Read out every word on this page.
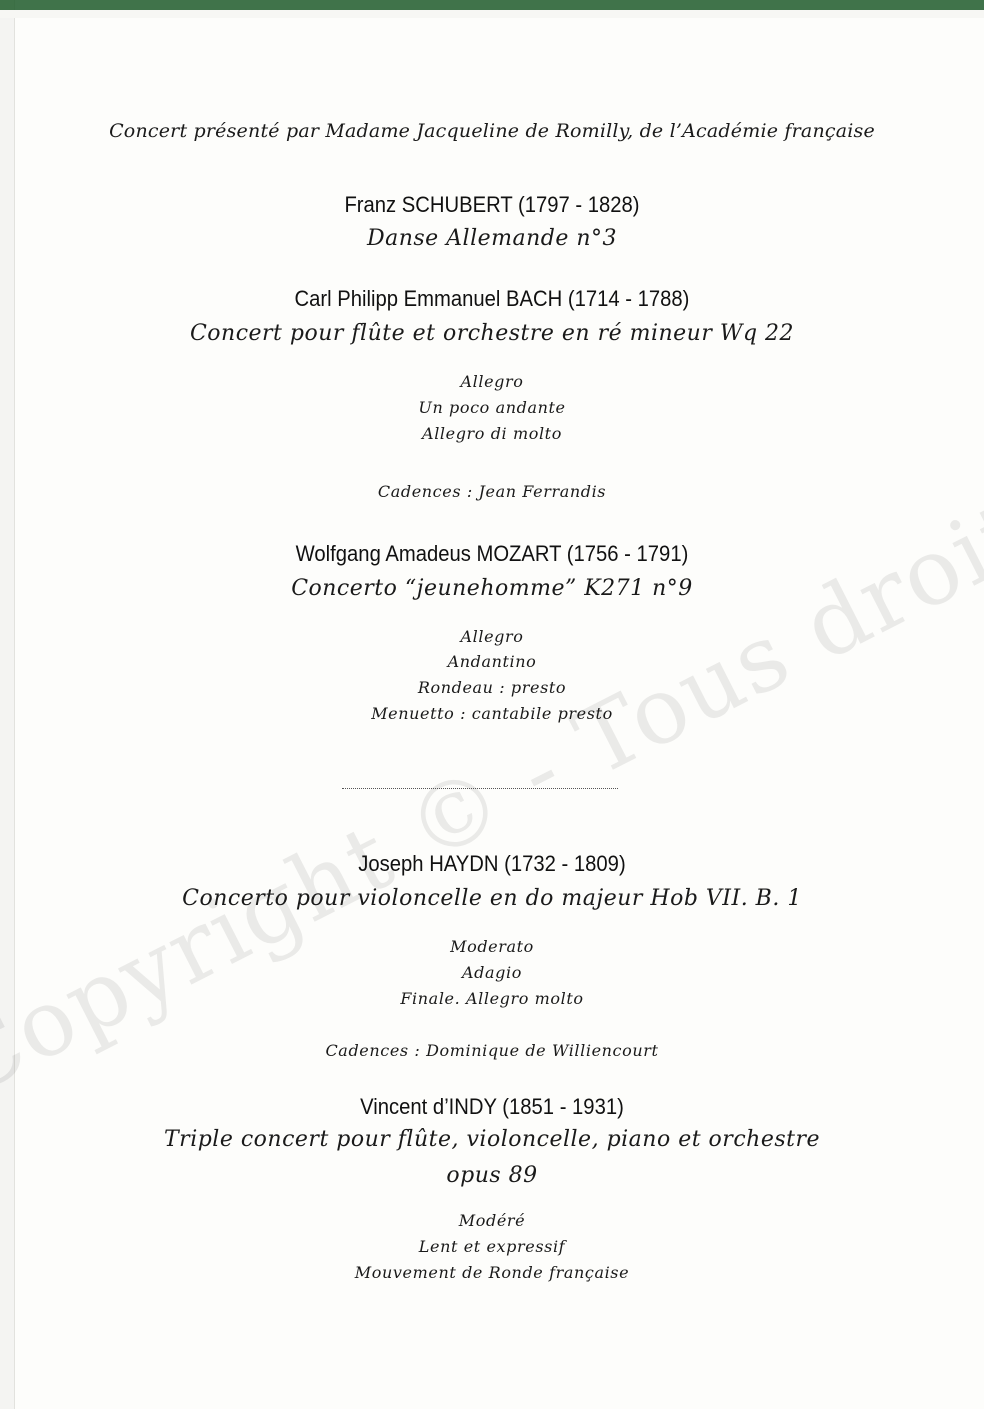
Copyright © - Tous
Concert présenté par Madame Jacqueline de Romilly, de l’Académie française
Franz SCHUBERT (1797 - 1828)
Danse Allemande n°3
Carl Philipp Emmanuel BACH (1714 - 1788)
Concert pour flûte et orchestre en ré mineur Wq 22
Allegro
Un poco andante
Allegro di molto
Cadences : Jean Ferrandis
Wolfgang Amadeus MOZART (1756 - 1791)
Concerto “jeunehomme” K271 n°9
Allegro
Andantino
Rondeau : presto
Menuetto : cantabile presto
Joseph HAYDN (1732 - 1809)
Concerto pour violoncelle en do majeur Hob VII. B. 1
Moderato
Adagio
Finale. Allegro molto
Cadences : Dominique de Williencourt
Vincent d’INDY (1851 - 1931)
Triple concert pour flûte, violoncelle, piano et orchestre
opus 89
Modéré
Lent et expressif
Mouvement de Ronde française
